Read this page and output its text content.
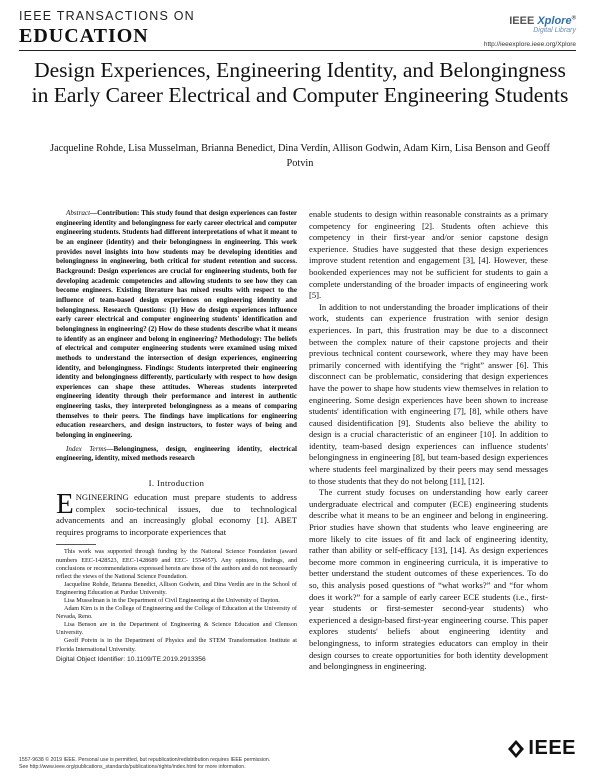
IEEE TRANSACTIONS ON
EDUCATION
IEEE Xplore®
Digital Library
http://ieeexplore.ieee.org/Xplore
Design Experiences, Engineering Identity, and Belongingness in Early Career Electrical and Computer Engineering Students
Jacqueline Rohde, Lisa Musselman, Brianna Benedict, Dina Verdín, Allison Godwin, Adam Kirn, Lisa Benson and Geoff Potvin

Abstract—Contribution: This study found that design experiences can foster engineering identity and belongingness for early career electrical and computer engineering students. Students had different interpretations of what it meant to be an engineer (identity) and their belongingness in engineering. This work provides novel insights into how students may be developing identities and belongingness in engineering, both critical for student retention and success. Background: Design experiences are crucial for engineering students, both for developing academic competencies and allowing students to see how they can become engineers. Existing literature has mixed results with respect to the influence of team-based design experiences on engineering identity and belongingness. Research Questions: (1) How do design experiences influence early career electrical and computer engineering students' identification and belongingness in engineering? (2) How do these students describe what it means to identify as an engineer and belong in engineering? Methodology: The beliefs of electrical and computer engineering students were examined using mixed methods to understand the intersection of design experiences, engineering identity, and belongingness. Findings: Students interpreted their engineering identity and belongingness differently, particularly with respect to how design experiences can shape these attitudes. Whereas students interpreted engineering identity through their performance and interest in authentic engineering tasks, they interpreted belongingness as a means of comparing themselves to their peers. The findings have implications for engineering education researchers, and design instructors, to foster ways of being and belonging in engineering.

Index Terms—Belongingness, design, engineering identity, electrical engineering, identity, mixed methods research

I. Introduction

ENGINEERING education must prepare students to address complex socio-technical issues, due to technological advancements and an increasingly global economy [1]. ABET requires programs to incorporate experiences that

This work was supported through funding by the National Science Foundation (award numbers EEC-1428523, EEC-1428689 and EEC- 1554057). Any opinions, findings, and conclusions or recommendations expressed herein are those of the authors and do not necessarily reflect the views of the National Science Foundation.

Jacqueline Rohde, Brianna Benedict, Allison Godwin, and Dina Verdín are in the School of Engineering Education at Purdue University.

Lisa Musselman is in the Department of Civil Engineering at the University of Dayton.

Adam Kirn is in the College of Engineering and the College of Education at the University of Nevada, Reno.

Lisa Benson are in the Department of Engineering & Science Education and Clemson University.

Geoff Potvin is in the Department of Physics and the STEM Transformation Institute at Florida International University.

Digital Object Identifier: 10.1109/TE.2019.2913356

enable students to design within reasonable constraints as a primary competency for engineering [2]. Students often achieve this competency in their first-year and/or senior capstone design experience. Studies have suggested that these design experiences improve student retention and engagement [3], [4]. However, these bookended experiences may not be sufficient for students to gain a complete understanding of the broader impacts of engineering work [5].

In addition to not understanding the broader implications of their work, students can experience frustration with senior design experiences. In part, this frustration may be due to a disconnect between the complex nature of their capstone projects and their previous technical content coursework, where they may have been primarily concerned with identifying the “right” answer [6]. This disconnect can be problematic, considering that design experiences have the power to shape how students view themselves in relation to engineering. Some design experiences have been shown to increase students' identification with engineering [7], [8], while others have caused disidentification [9]. Students also believe the ability to design is a crucial characteristic of an engineer [10]. In addition to identity, team-based design experiences can influence students' belongingness in engineering [8], but team-based design experiences where students feel marginalized by their peers may send messages to those students that they do not belong [11], [12].

The current study focuses on understanding how early career undergraduate electrical and computer (ECE) engineering students describe what it means to be an engineer and belong in engineering. Prior studies have shown that students who leave engineering are more likely to cite issues of fit and lack of engineering identity, rather than ability or self-efficacy [13], [14]. As design experiences become more common in engineering curricula, it is imperative to better understand the student outcomes of these experiences. To do so, this analysis posed questions of “what works?” and “for whom does it work?” for a sample of early career ECE students (i.e., first-year students or first-semester second-year students) who experienced a design-based first-year engineering course. This paper explores students' beliefs about engineering identity and belongingness, to inform strategies educators can employ in their design courses to create opportunities for both identity development and belongingness in engineering.

1557-9638 © 2019 IEEE. Personal use is permitted, but republication/redistribution requires IEEE permission.
See http://www.ieee.org/publications_standards/publications/rights/index.html for more information.
IEEE
